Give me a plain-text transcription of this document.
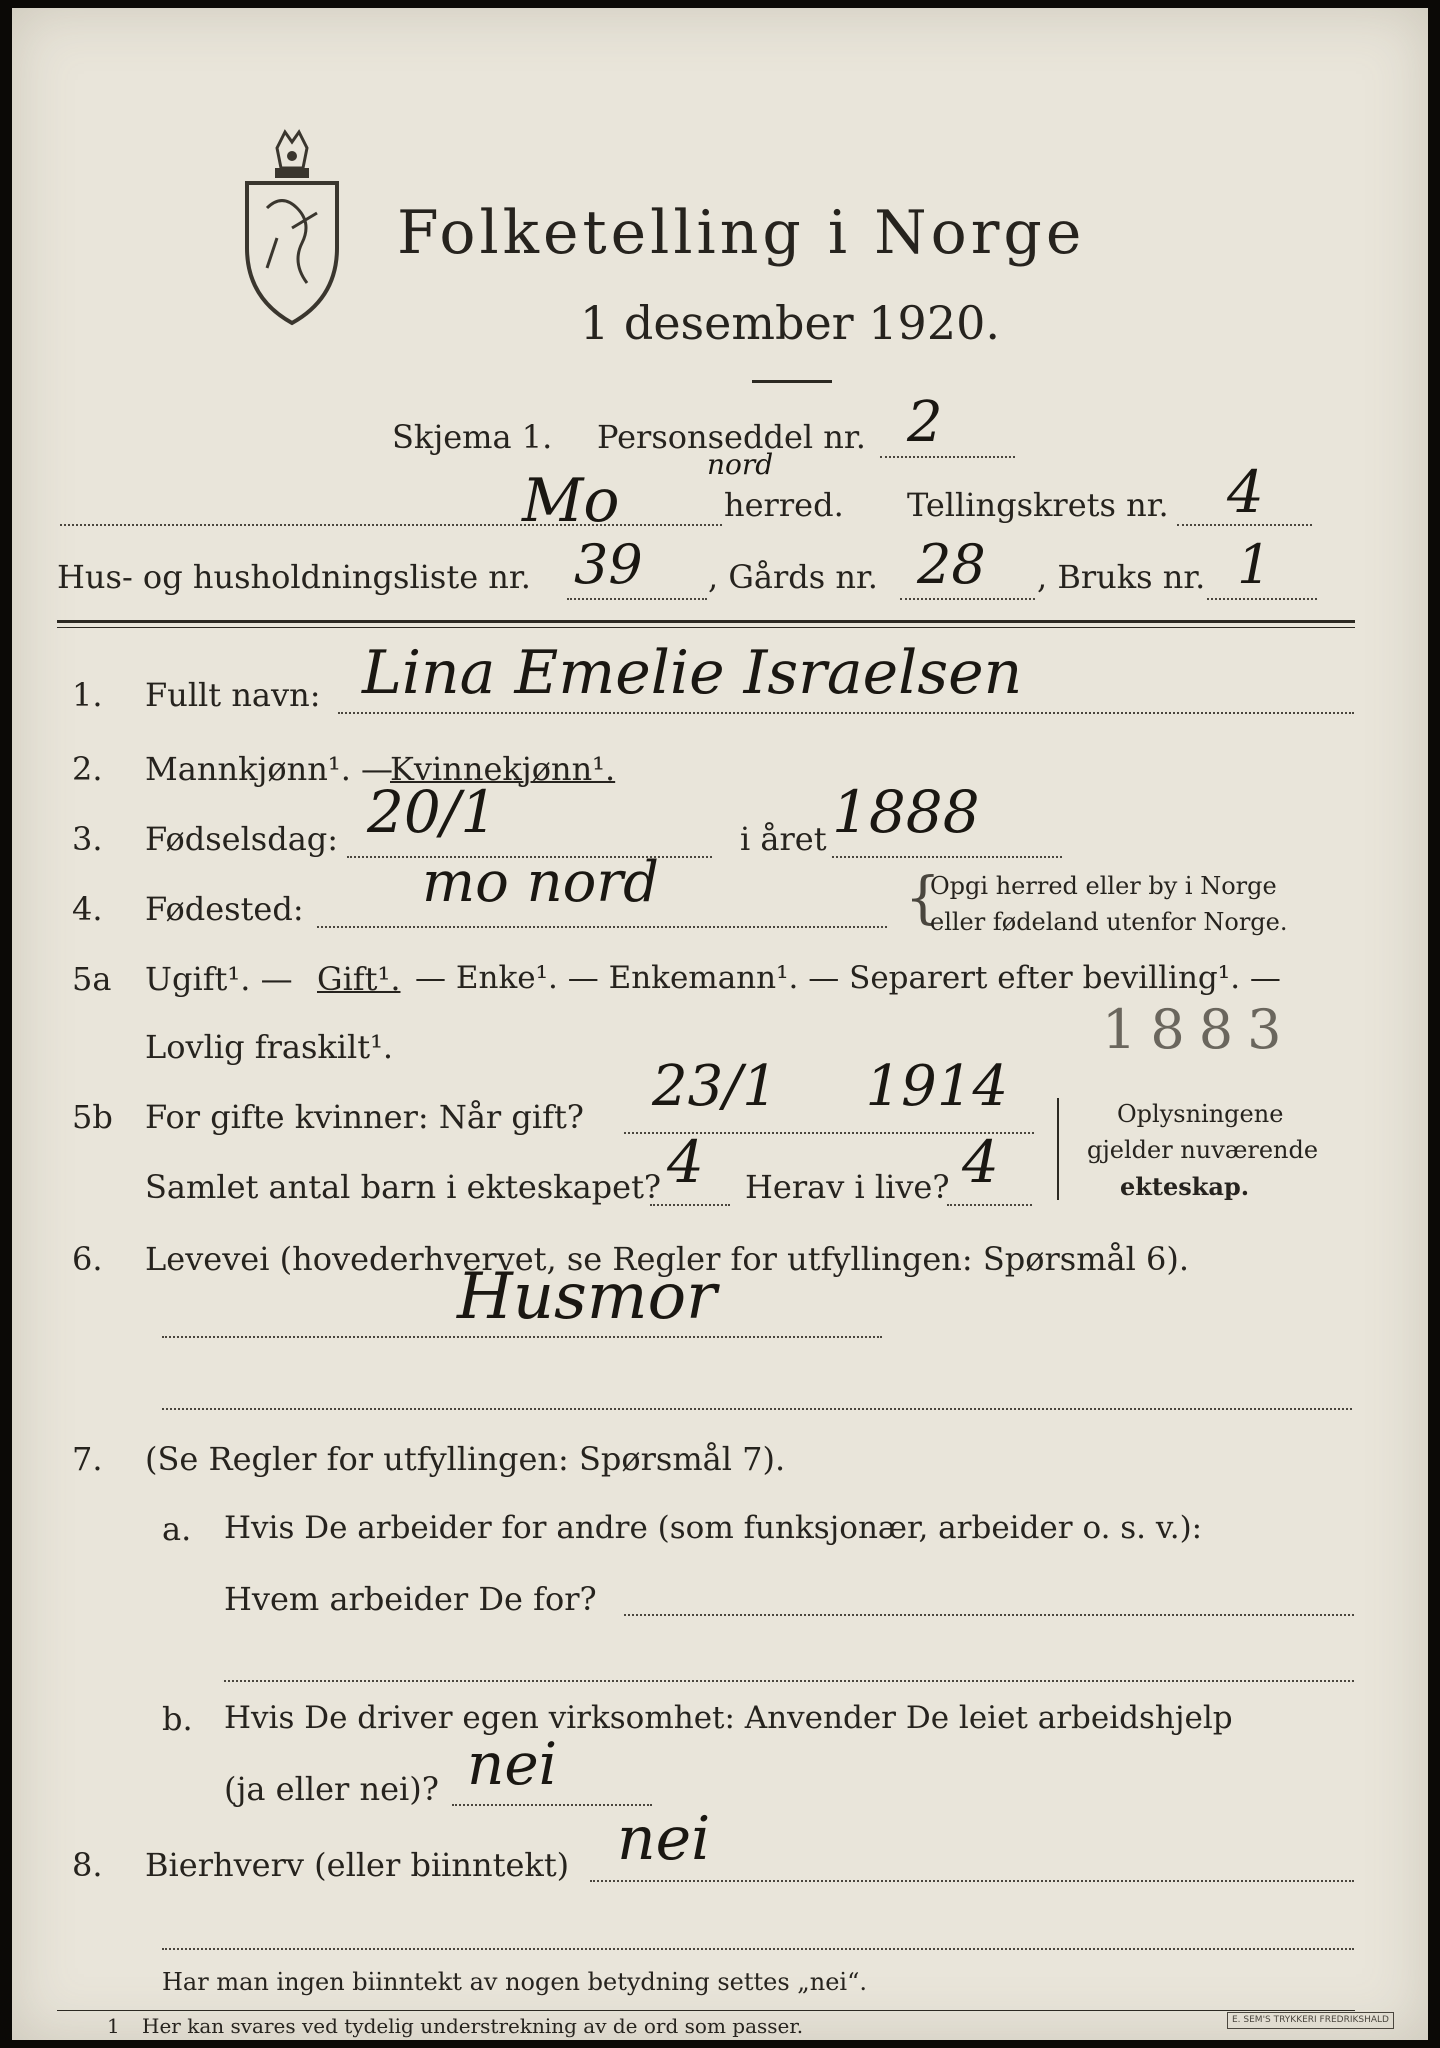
Folketelling i Norge
1 desember 1920.
Skjema 1. Personseddel nr. 2
Mo
nord
herred. Tellingskrets nr. 4
Hus- og husholdningsliste nr. 39 , Gårds nr. 28 , Bruks nr. 1
1. Fullt navn: Lina Emelie Israelsen
2. Mannkjønn¹. —
Kvinnekjønn¹.
3. Fødselsdag: 20/1	i året 1888
4. Fødested: mo nord	{
Opgi herred eller by i Norge
eller fødeland utenfor Norge.
5a Ugift¹. — Gift¹. — Enke¹. — Enkemann¹. — Separert efter bevilling¹. —
Lovlig fraskilt¹.	1883
5b For gifte kvinner: Når gift? 23/1 1914
Samlet antal barn i ekteskapet? 4 Herav i live? 4
Oplysningene
gjelder nuværende
ekteskap.
6. Levevei (hovederhvervet, se Regler for utfyllingen: Spørsmål 6).
Husmor
7. (Se Regler for utfyllingen: Spørsmål 7).
a. Hvis De arbeider for andre (som funksjonær, arbeider o. s. v.):
Hvem arbeider De for?
b. Hvis De driver egen virksomhet: Anvender De leiet arbeidshjelp
(ja eller nei)? nei
8. Bierhverv (eller biinntekt) nei
Har man ingen biinntekt av nogen betydning settes „nei“.
1 Her kan svares ved tydelig understrekning av de ord som passer.	E. SEM'S TRYKKERI FREDRIKSHALD
